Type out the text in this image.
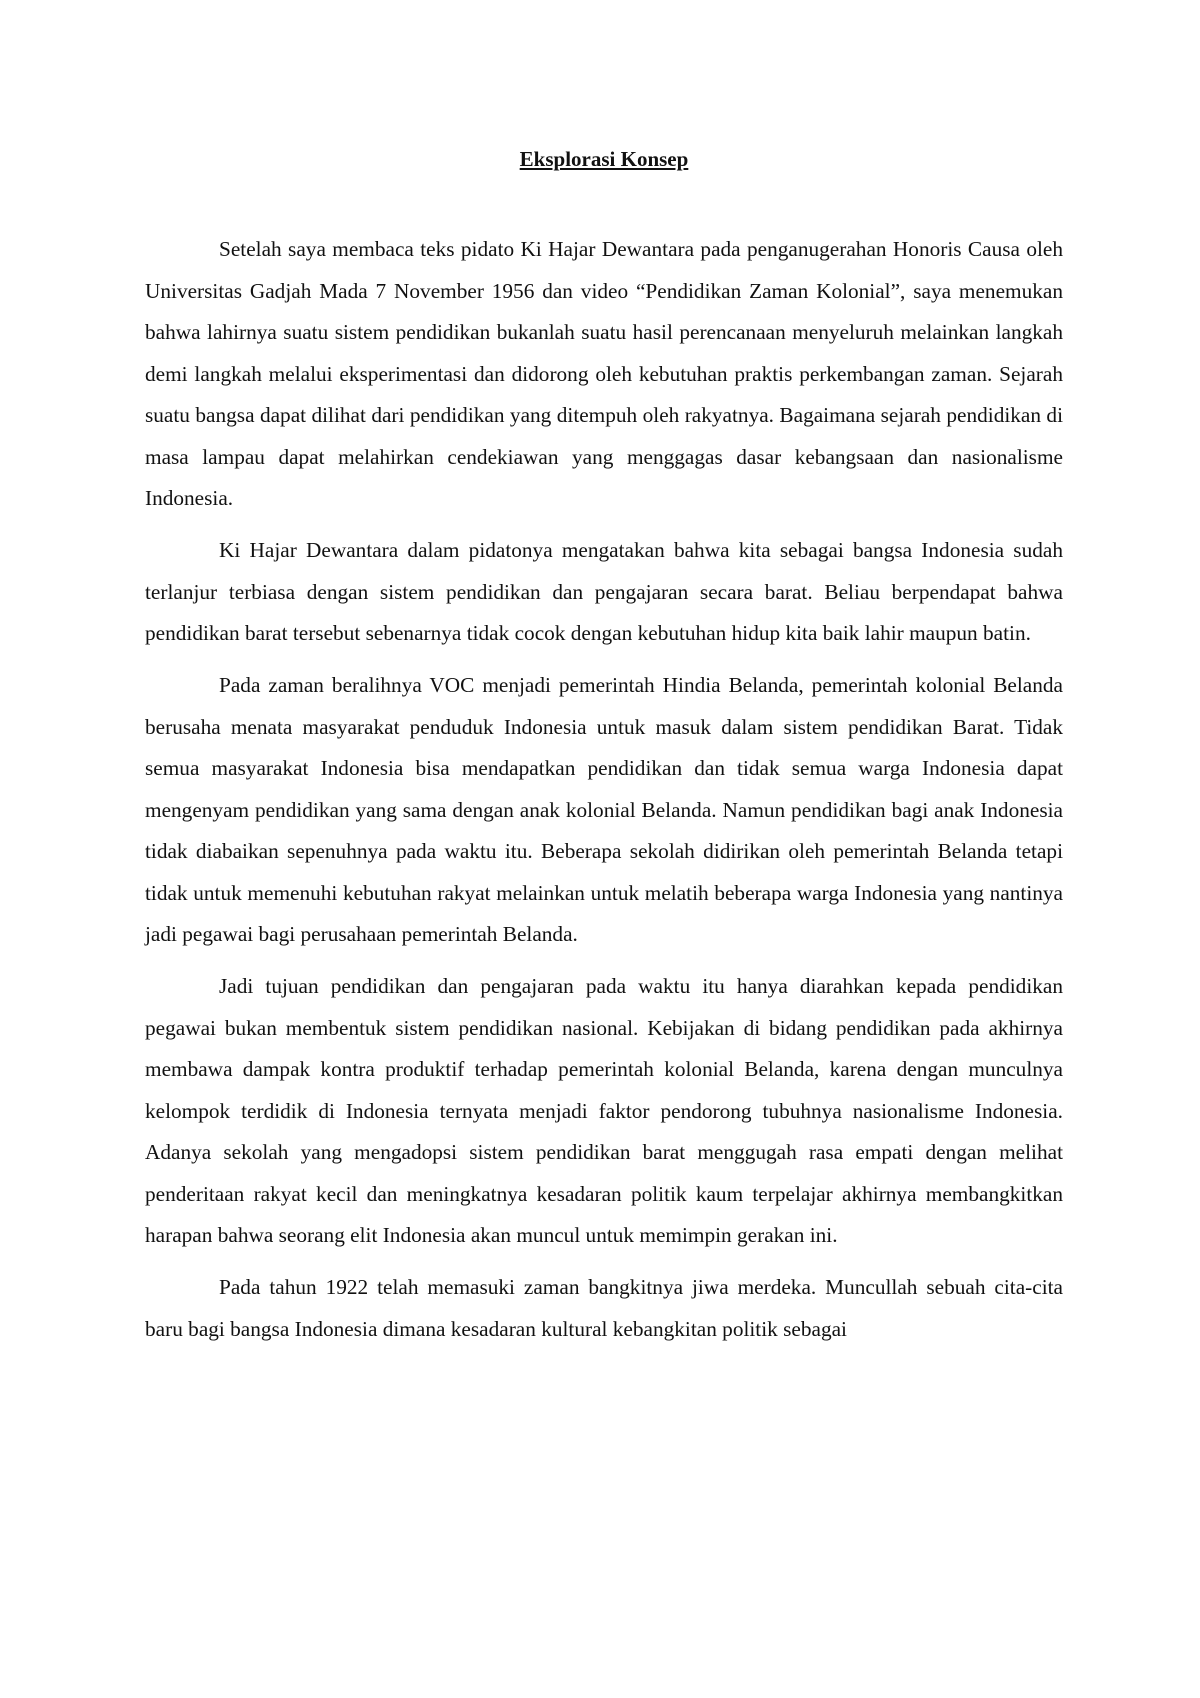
Eksplorasi Konsep

Setelah saya membaca teks pidato Ki Hajar Dewantara pada penganugerahan Honoris Causa oleh Universitas Gadjah Mada 7 November 1956 dan video “Pendidikan Zaman Kolonial”, saya menemukan bahwa lahirnya suatu sistem pendidikan bukanlah suatu hasil perencanaan menyeluruh melainkan langkah demi langkah melalui eksperimentasi dan didorong oleh kebutuhan praktis perkembangan zaman. Sejarah suatu bangsa dapat dilihat dari pendidikan yang ditempuh oleh rakyatnya. Bagaimana sejarah pendidikan di masa lampau dapat melahirkan cendekiawan yang menggagas dasar kebangsaan dan nasionalisme Indonesia.

Ki Hajar Dewantara dalam pidatonya mengatakan bahwa kita sebagai bangsa Indonesia sudah terlanjur terbiasa dengan sistem pendidikan dan pengajaran secara barat. Beliau berpendapat bahwa pendidikan barat tersebut sebenarnya tidak cocok dengan kebutuhan hidup kita baik lahir maupun batin.

Pada zaman beralihnya VOC menjadi pemerintah Hindia Belanda, pemerintah kolonial Belanda berusaha menata masyarakat penduduk Indonesia untuk masuk dalam sistem pendidikan Barat. Tidak semua masyarakat Indonesia bisa mendapatkan pendidikan dan tidak semua warga Indonesia dapat mengenyam pendidikan yang sama dengan anak kolonial Belanda. Namun pendidikan bagi anak Indonesia tidak diabaikan sepenuhnya pada waktu itu. Beberapa sekolah didirikan oleh pemerintah Belanda tetapi tidak untuk memenuhi kebutuhan rakyat melainkan untuk melatih beberapa warga Indonesia yang nantinya jadi pegawai bagi perusahaan pemerintah Belanda.

Jadi tujuan pendidikan dan pengajaran pada waktu itu hanya diarahkan kepada pendidikan pegawai bukan membentuk sistem pendidikan nasional. Kebijakan di bidang pendidikan pada akhirnya membawa dampak kontra produktif terhadap pemerintah kolonial Belanda, karena dengan munculnya kelompok terdidik di Indonesia ternyata menjadi faktor pendorong tubuhnya nasionalisme Indonesia. Adanya sekolah yang mengadopsi sistem pendidikan barat menggugah rasa empati dengan melihat penderitaan rakyat kecil dan meningkatnya kesadaran politik kaum terpelajar akhirnya membangkitkan harapan bahwa seorang elit Indonesia akan muncul untuk memimpin gerakan ini.

Pada tahun 1922 telah memasuki zaman bangkitnya jiwa merdeka. Muncullah sebuah cita-cita baru bagi bangsa Indonesia dimana kesadaran kultural kebangkitan politik sebagai
